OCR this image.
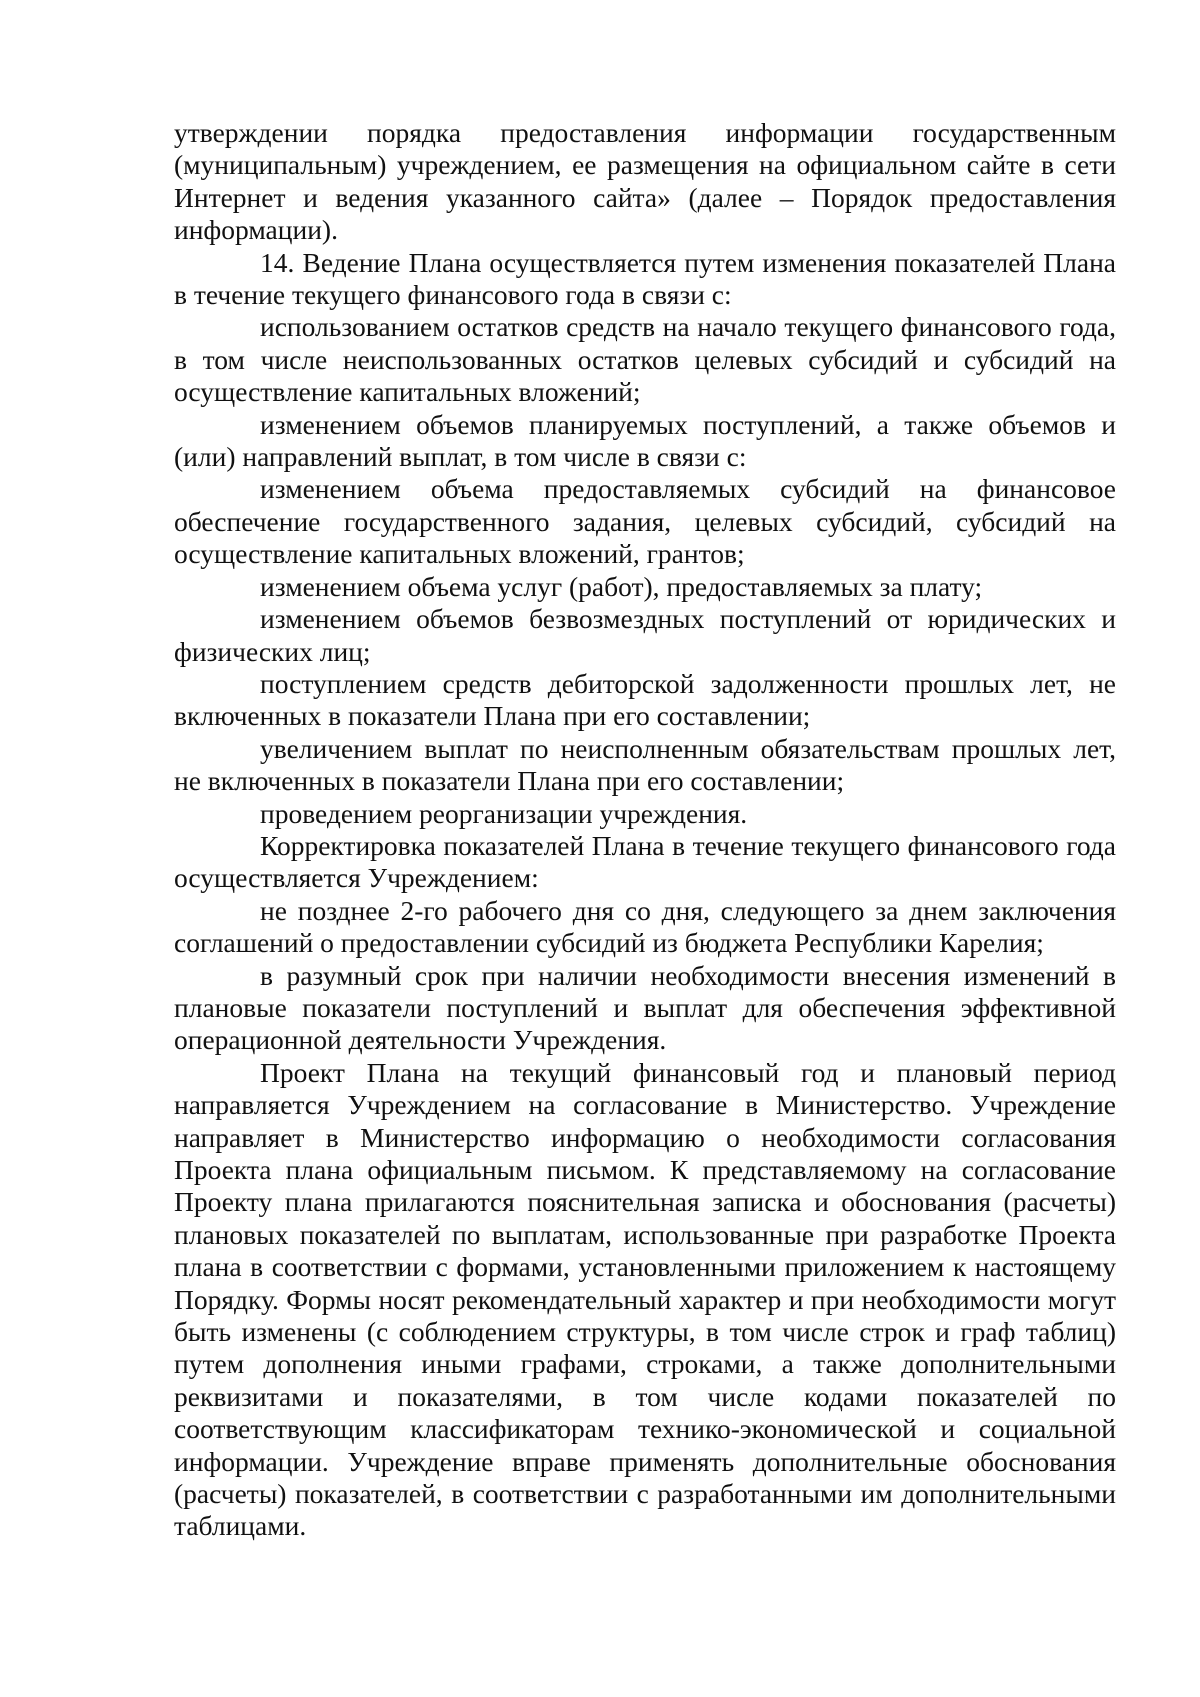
утверждении порядка предоставления информации государственным (муниципальным) учреждением, ее размещения на официальном сайте в сети Интернет и ведения указанного сайта» (далее – Порядок предоставления информации).

14. Ведение Плана осуществляется путем изменения показателей Плана в течение текущего финансового года в связи с:

использованием остатков средств на начало текущего финансового года, в том числе неиспользованных остатков целевых субсидий и субсидий на осуществление капитальных вложений;

изменением объемов планируемых поступлений, а также объемов и (или) направлений выплат, в том числе в связи с:

изменением объема предоставляемых субсидий на финансовое обеспечение государственного задания, целевых субсидий, субсидий на осуществление капитальных вложений, грантов;

изменением объема услуг (работ), предоставляемых за плату;

изменением объемов безвозмездных поступлений от юридических и физических лиц;

поступлением средств дебиторской задолженности прошлых лет, не включенных в показатели Плана при его составлении;

увеличением выплат по неисполненным обязательствам прошлых лет, не включенных в показатели Плана при его составлении;

проведением реорганизации учреждения.

Корректировка показателей Плана в течение текущего финансового года осуществляется Учреждением:

не позднее 2-го рабочего дня со дня, следующего за днем заключения соглашений о предоставлении субсидий из бюджета Республики Карелия;

в разумный срок при наличии необходимости внесения изменений в плановые показатели поступлений и выплат для обеспечения эффективной операционной деятельности Учреждения.

Проект Плана на текущий финансовый год и плановый период направляется Учреждением на согласование в Министерство. Учреждение направляет в Министерство информацию о необходимости согласования Проекта плана официальным письмом. К представляемому на согласование Проекту плана прилагаются пояснительная записка и обоснования (расчеты) плановых показателей по выплатам, использованные при разработке Проекта плана в соответствии с формами, установленными приложением к настоящему Порядку. Формы носят рекомендательный характер и при необходимости могут быть изменены (с соблюдением структуры, в том числе строк и граф таблиц) путем дополнения иными графами, строками, а также дополнительными реквизитами и показателями, в том числе кодами показателей по соответствующим классификаторам технико-экономической и социальной информации. Учреждение вправе применять дополнительные обоснования (расчеты) показателей, в соответствии с разработанными им дополнительными таблицами.
